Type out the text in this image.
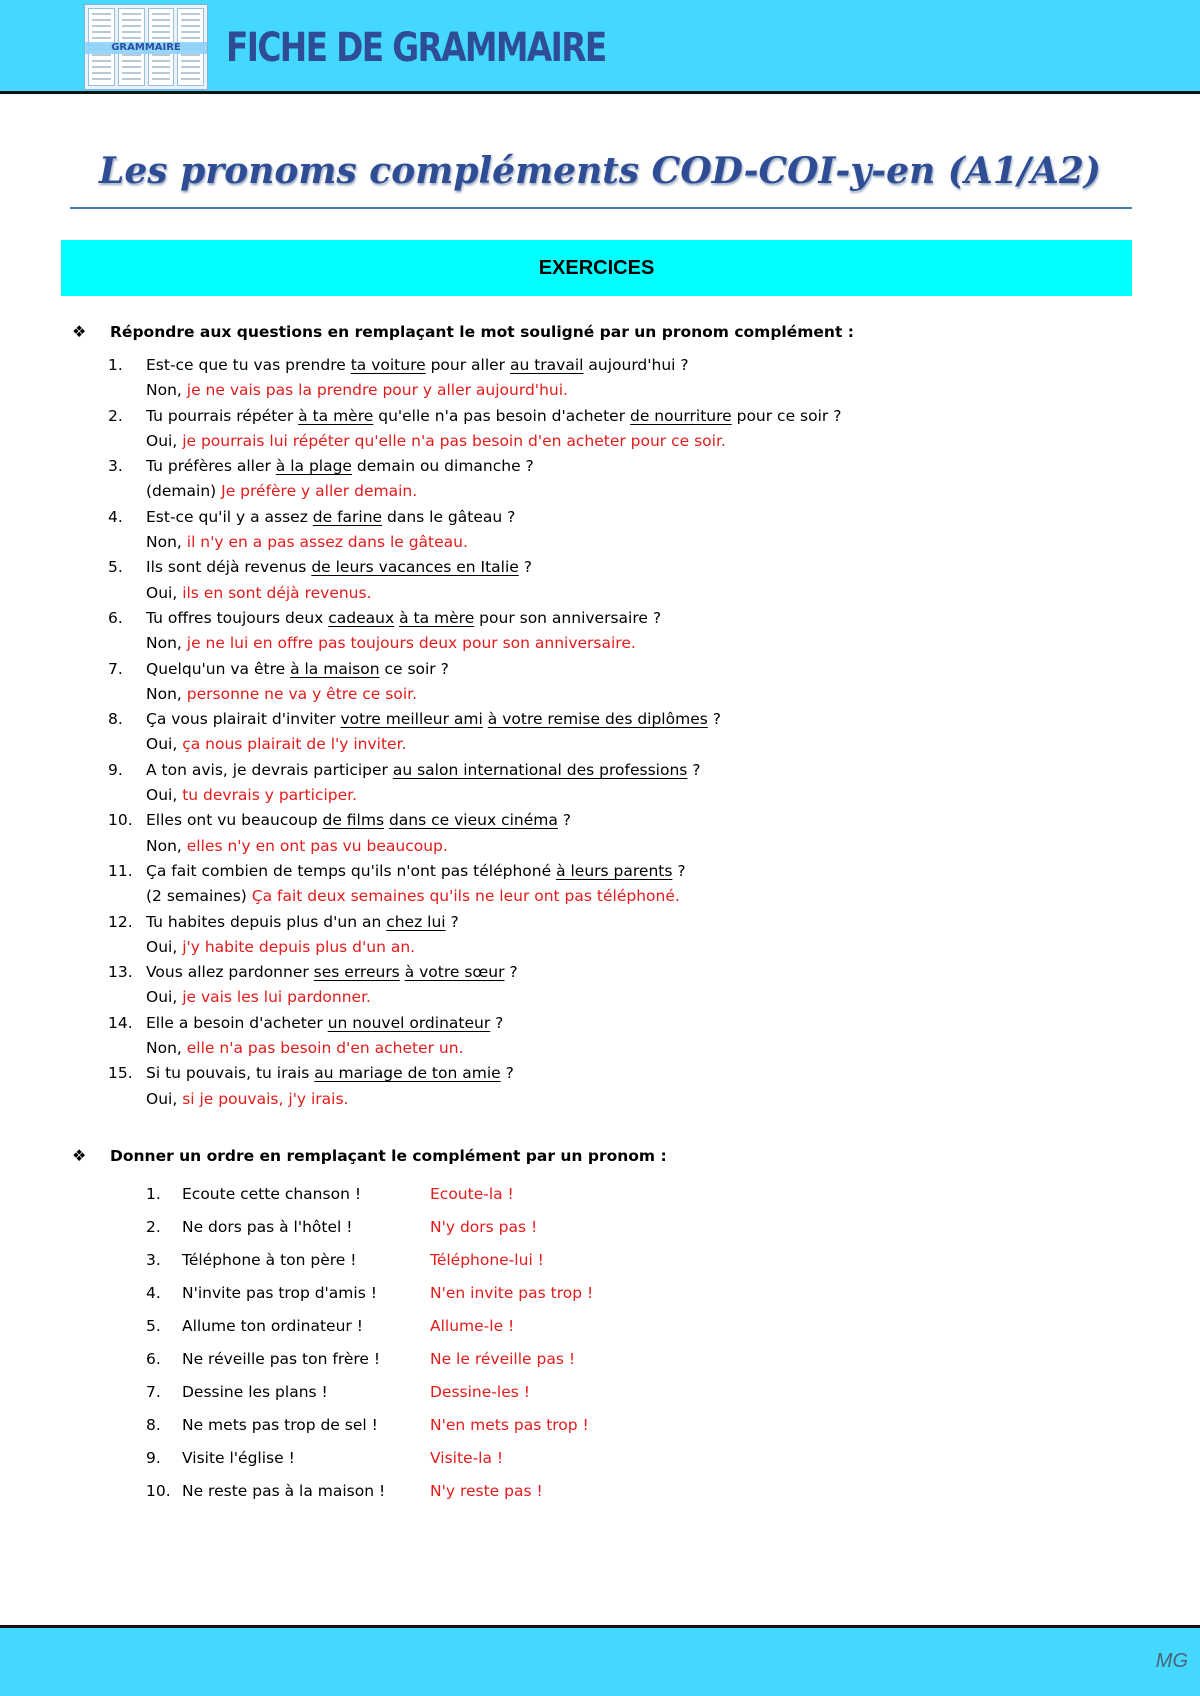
GRAMMAIRE	FICHE DE GRAMMAIRE
Les pronoms compléments COD-COI-y-en (A1/A2)
EXERCICES
❖ Répondre aux questions en remplaçant le mot souligné par un pronom complément :
1. Est-ce que tu vas prendre ta voiture pour aller au travail aujourd'hui ?
Non, je ne vais pas la prendre pour y aller aujourd'hui.
2. Tu pourrais répéter à ta mère qu'elle n'a pas besoin d'acheter de nourriture pour ce soir ?
Oui, je pourrais lui répéter qu'elle n'a pas besoin d'en acheter pour ce soir.
3. Tu préfères aller à la plage demain ou dimanche ?
(demain) Je préfère y aller demain.
4. Est-ce qu'il y a assez de farine dans le gâteau ?
Non, il n'y en a pas assez dans le gâteau.
5. Ils sont déjà revenus de leurs vacances en Italie ?
Oui, ils en sont déjà revenus.
6. Tu offres toujours deux cadeaux à ta mère pour son anniversaire ?
Non, je ne lui en offre pas toujours deux pour son anniversaire.
7. Quelqu'un va être à la maison ce soir ?
Non, personne ne va y être ce soir.
8. Ça vous plairait d'inviter votre meilleur ami à votre remise des diplômes ?
Oui, ça nous plairait de l'y inviter.
9. A ton avis, je devrais participer au salon international des professions ?
Oui, tu devrais y participer.
10. Elles ont vu beaucoup de films dans ce vieux cinéma ?
Non, elles n'y en ont pas vu beaucoup.
11. Ça fait combien de temps qu'ils n'ont pas téléphoné à leurs parents ?
(2 semaines) Ça fait deux semaines qu'ils ne leur ont pas téléphoné.
12. Tu habites depuis plus d'un an chez lui ?
Oui, j'y habite depuis plus d'un an.
13. Vous allez pardonner ses erreurs à votre sœur ?
Oui, je vais les lui pardonner.
14. Elle a besoin d'acheter un nouvel ordinateur ?
Non, elle n'a pas besoin d'en acheter un.
15. Si tu pouvais, tu irais au mariage de ton amie ?
Oui, si je pouvais, j'y irais.
❖ Donner un ordre en remplaçant le complément par un pronom :
1. Ecoute cette chanson !	Ecoute-la !
2. Ne dors pas à l'hôtel !	N'y dors pas !
3. Téléphone à ton père !	Téléphone-lui !
4. N'invite pas trop d'amis !	N'en invite pas trop !
5. Allume ton ordinateur !	Allume-le !
6. Ne réveille pas ton frère !	Ne le réveille pas !
7. Dessine les plans !	Dessine-les !
8. Ne mets pas trop de sel !	N'en mets pas trop !
9. Visite l'église !	Visite-la !
10. Ne reste pas à la maison !	N'y reste pas !
MG
